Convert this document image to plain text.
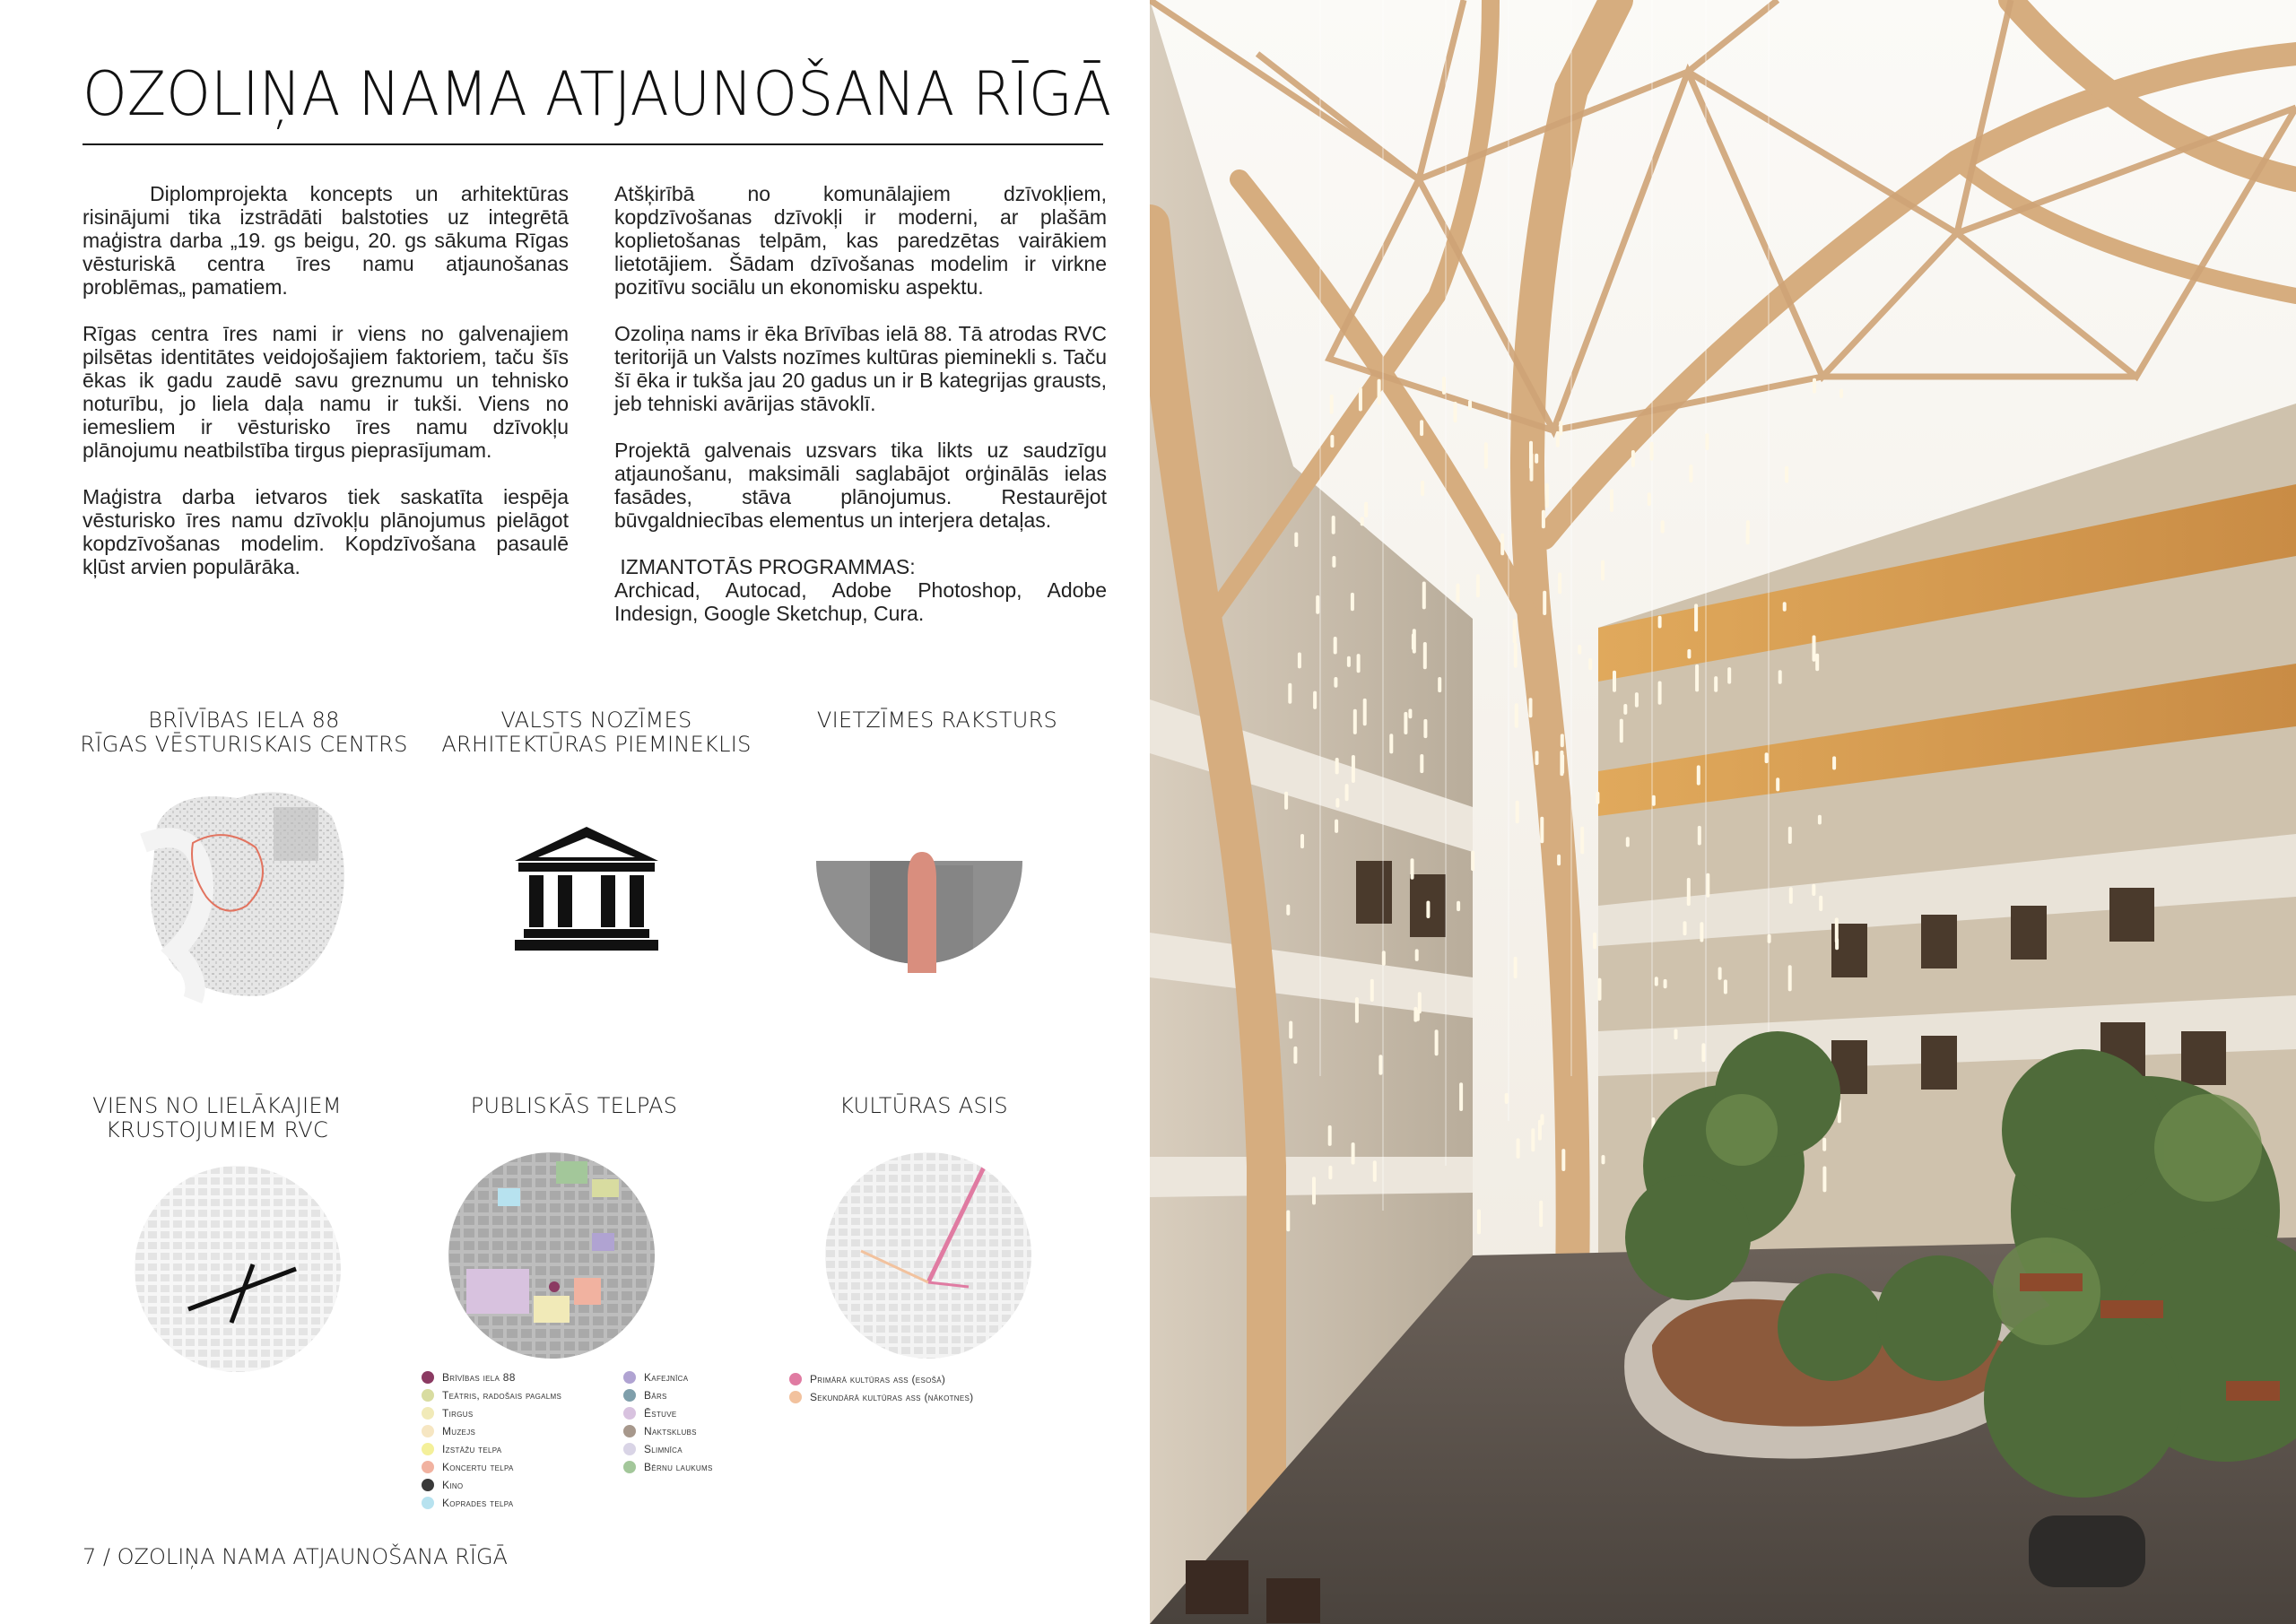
OZOLIŅA NAMA ATJAUNOŠANA RĪGĀ

Diplomprojekta koncepts un arhitektūras risinājumi tika izstrādāti balstoties uz integrētā maģistra darba „19. gs beigu, 20. gs sākuma Rīgas vēsturiskā centra īres namu atjaunošanas problēmas„ pamatiem.

Rīgas centra īres nami ir viens no galvenajiem pilsētas identitātes veidojošajiem faktoriem, taču šīs ēkas ik gadu zaudē savu greznumu un tehnisko noturību, jo liela daļa namu ir tukši. Viens no iemesliem ir vēsturisko īres namu dzīvokļu plānojumu neatbilstība tirgus pieprasījumam.

Maģistra darba ietvaros tiek saskatīta iespēja vēsturisko īres namu dzīvokļu plānojumus pielāgot kopdzīvošanas modelim. Kopdzīvošana pasaulē kļūst arvien populārāka.

Atšķirībā no komunālajiem dzīvokļiem, kopdzīvošanas dzīvokļi ir moderni, ar plašām koplietošanas telpām, kas paredzētas vairākiem lietotājiem. Šādam dzīvošanas modelim ir virkne pozitīvu sociālu un ekonomisku aspektu.

Ozoliņa nams ir ēka Brīvības ielā 88. Tā atrodas RVC teritorijā un Valsts nozīmes kultūras pieminekli s. Taču šī ēka ir tukša jau 20 gadus un ir B kategrijas grausts, jeb tehniski avārijas stāvoklī.

Projektā galvenais uzsvars tika likts uz saudzīgu atjaunošanu, maksimāli saglabājot orģinālās ielas fasādes, stāva plānojumus. Restaurējot būvgaldniecības elementus un interjera detaļas.

IZMANTOTĀS PROGRAMMAS:
Archicad, Autocad, Adobe Photoshop, Adobe Indesign, Google Sketchup, Cura.

BRĪVĪBAS IELA 88
RĪGAS VĒSTURISKAIS CENTRS
VALSTS NOZĪMES
ARHITEKTŪRAS PIEMINEKLIS
VIETZĪMES RAKSTURS
VIENS NO LIELĀKAJIEM
KRUSTOJUMIEM RVC
PUBLISKĀS TELPAS	KULTŪRAS ASIS
Brīvības iela 88
Teātris, radošais pagalms
Tirgus
Muzejs
Izstāžu telpa
Koncertu telpa
Kino
Koprades telpa
Kafejnīca
Bārs
Ēstuve
Naktsklubs
Slimnīca
Bērnu laukums
Primārā kultūras ass (esošā)
Sekundārā kultūras ass (nākotnes)
7 / OZOLIŅA NAMA ATJAUNOŠANA RĪGĀ
